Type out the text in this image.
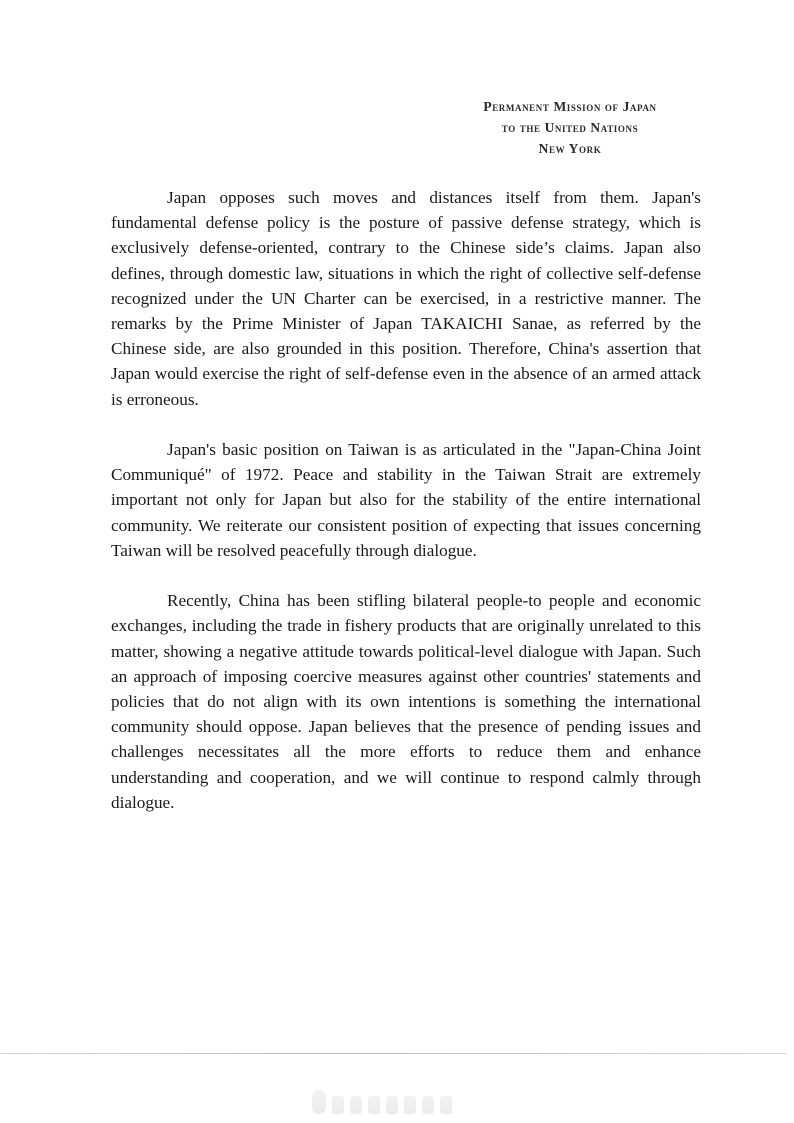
Permanent Mission of Japan
to the United Nations
New York

Japan opposes such moves and distances itself from them. Japan's fundamental defense policy is the posture of passive defense strategy, which is exclusively defense-oriented, contrary to the Chinese side’s claims. Japan also defines, through domestic law, situations in which the right of collective self-defense recognized under the UN Charter can be exercised, in a restrictive manner. The remarks by the Prime Minister of Japan TAKAICHI Sanae, as referred by the Chinese side, are also grounded in this position. Therefore, China's assertion that Japan would exercise the right of self-defense even in the absence of an armed attack is erroneous.

Japan's basic position on Taiwan is as articulated in the "Japan-China Joint Communiqué" of 1972. Peace and stability in the Taiwan Strait are extremely important not only for Japan but also for the stability of the entire international community. We reiterate our consistent position of expecting that issues concerning Taiwan will be resolved peacefully through dialogue.

Recently, China has been stifling bilateral people-to people and economic exchanges, including the trade in fishery products that are originally unrelated to this matter, showing a negative attitude towards political-level dialogue with Japan. Such an approach of imposing coercive measures against other countries' statements and policies that do not align with its own intentions is something the international community should oppose. Japan believes that the presence of pending issues and challenges necessitates all the more efforts to reduce them and enhance understanding and cooperation, and we will continue to respond calmly through dialogue.
